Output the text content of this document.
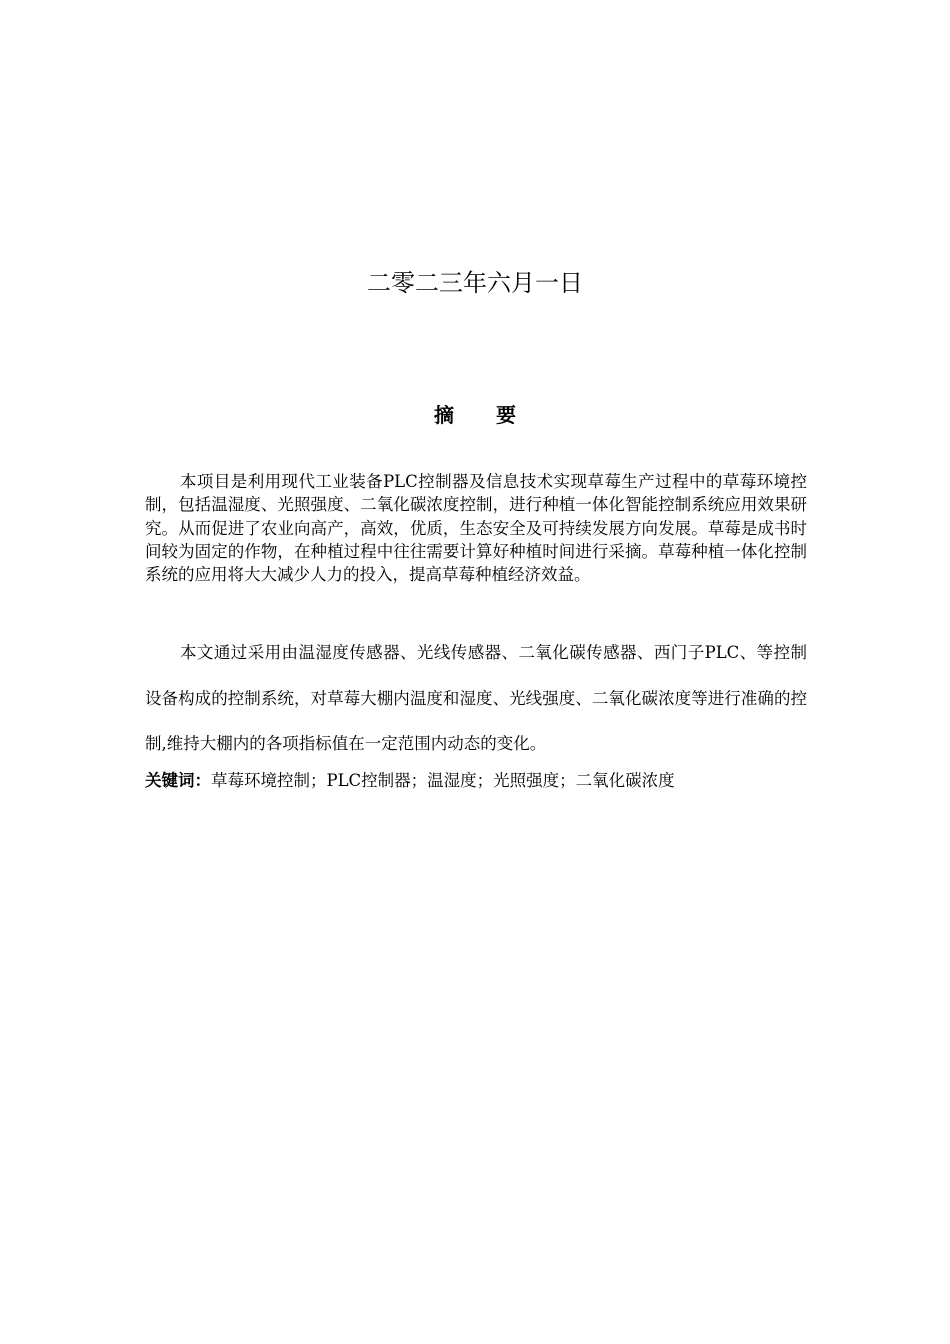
二零二三年六月一日
摘 要

本项目是利用现代工业装备PLC控制器及信息技术实现草莓生产过程中的草莓环境控制，包括温湿度、光照强度、二氧化碳浓度控制，进行种植一体化智能控制系统应用效果研究。从而促进了农业向高产，高效，优质，生态安全及可持续发展方向发展。草莓是成书时间较为固定的作物，在种植过程中往往需要计算好种植时间进行采摘。草莓种植一体化控制系统的应用将大大减少人力的投入，提高草莓种植经济效益。

本文通过采用由温湿度传感器、光线传感器、二氧化碳传感器、西门子PLC、等控制设备构成的控制系统，对草莓大棚内温度和湿度、光线强度、二氧化碳浓度等进行准确的控制,维持大棚内的各项指标值在一定范围内动态的变化。

关键词：草莓环境控制；PLC控制器；温湿度；光照强度；二氧化碳浓度
